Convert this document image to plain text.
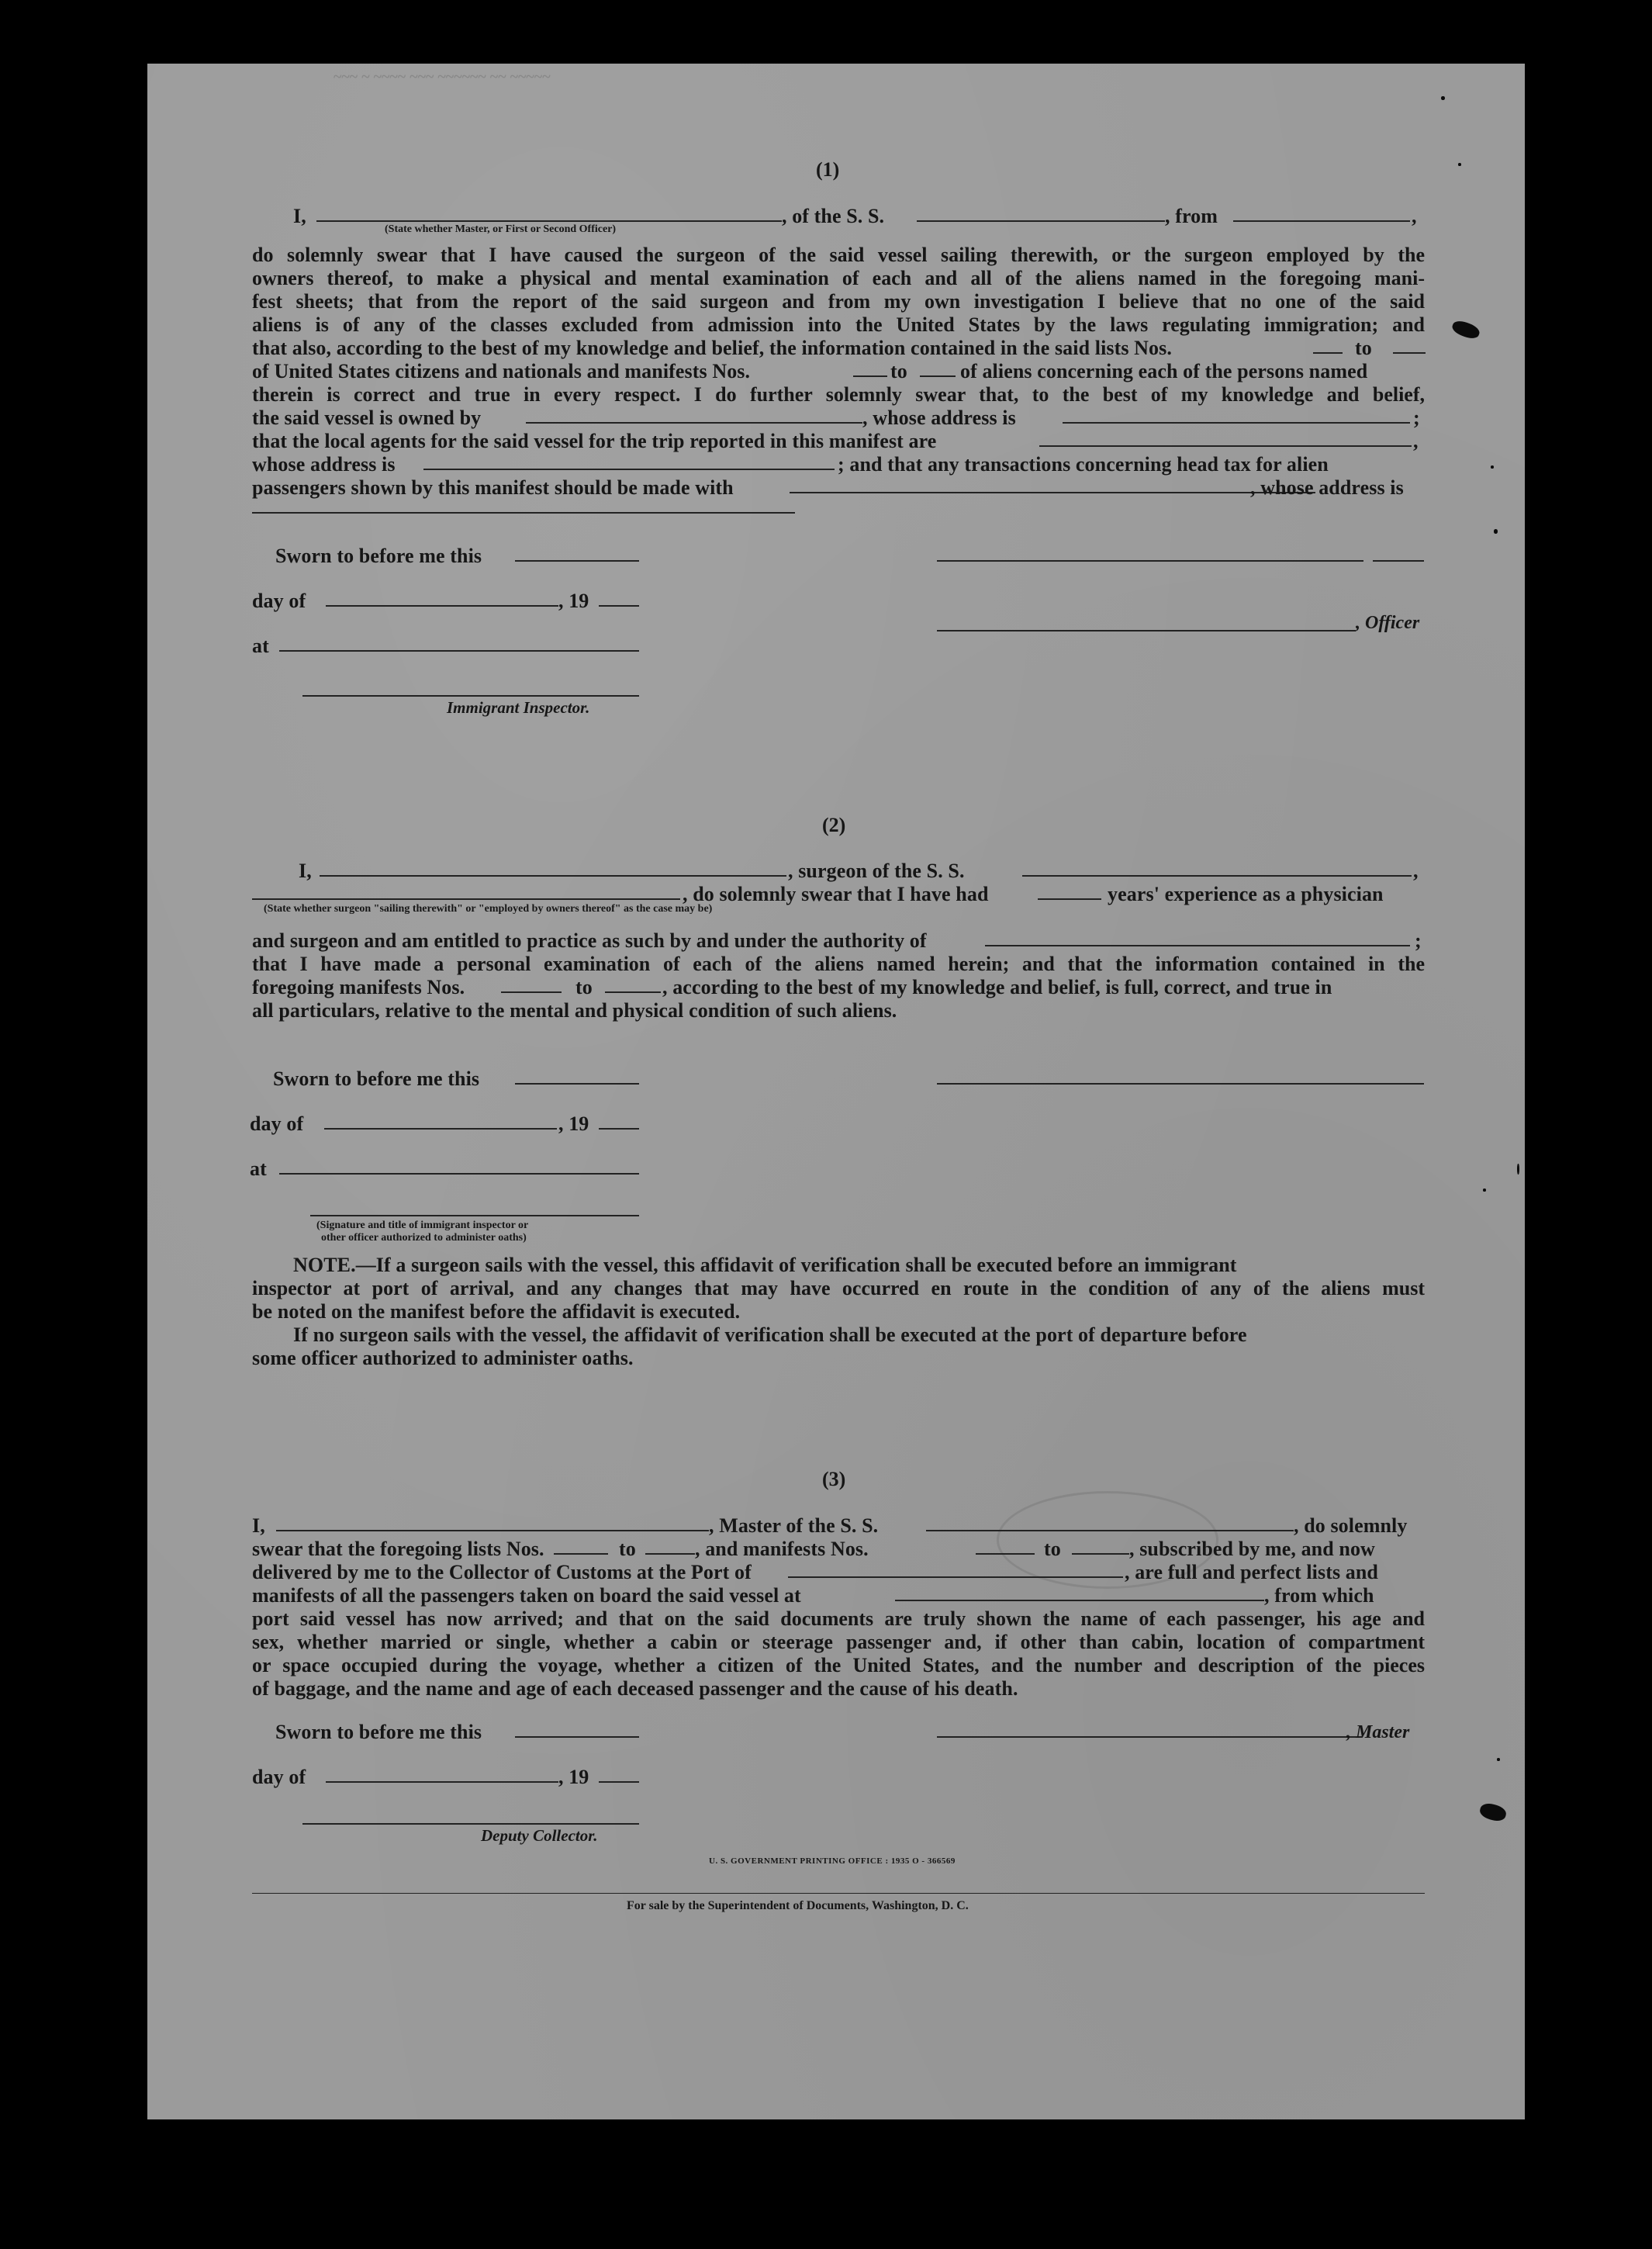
~~~ ~ ~~~~ ~~~ ~~~~~~ ~~ ~~~~~
(1)
I,
(State whether Master, or First or Second Officer)
, of the S. S.	, from	,
do solemnly swear that I have caused the surgeon of the said vessel sailing therewith, or the surgeon employed by the
owners thereof, to make a physical and mental examination of each and all of the aliens named in the foregoing mani-
fest sheets; that from the report of the said surgeon and from my own investigation I believe that no one of the said
aliens is of any of the classes excluded from admission into the United States by the laws regulating immigration; and
that also, according to the best of my knowledge and belief, the information contained in the said lists Nos.	to
of United States citizens and nationals and manifests Nos.	to	of aliens concerning each of the persons named
therein is correct and true in every respect. I do further solemnly swear that, to the best of my knowledge and belief,
the said vessel is owned by	, whose address is	;
that the local agents for the said vessel for the trip reported in this manifest are	,
whose address is	; and that any transactions concerning head tax for alien
passengers shown by this manifest should be made with	, whose address is
Sworn to before me this
day of	, 19
, Officer
at
Immigrant Inspector.
(2)
I,	, surgeon of the S. S.	,
, do solemnly swear that I have had	years' experience as a physician
(State whether surgeon "sailing therewith" or "employed by owners thereof" as the case may be)
and surgeon and am entitled to practice as such by and under the authority of	;
that I have made a personal examination of each of the aliens named herein; and that the information contained in the
foregoing manifests Nos.	to	, according to the best of my knowledge and belief, is full, correct, and true in
all particulars, relative to the mental and physical condition of such aliens.
Sworn to before me this
day of	, 19
at
(Signature and title of immigrant inspector or
other officer authorized to administer oaths)
NOTE.—If a surgeon sails with the vessel, this affidavit of verification shall be executed before an immigrant
inspector at port of arrival, and any changes that may have occurred en route in the condition of any of the aliens must
be noted on the manifest before the affidavit is executed.
If no surgeon sails with the vessel, the affidavit of verification shall be executed at the port of departure before
some officer authorized to administer oaths.
(3)
I,	, Master of the S. S.	, do solemnly
swear that the foregoing lists Nos.	to	, and manifests Nos.	to	, subscribed by me, and now
delivered by me to the Collector of Customs at the Port of	, are full and perfect lists and
manifests of all the passengers taken on board the said vessel at	, from which
port said vessel has now arrived; and that on the said documents are truly shown the name of each passenger, his age and
sex, whether married or single, whether a cabin or steerage passenger and, if other than cabin, location of compartment
or space occupied during the voyage, whether a citizen of the United States, and the number and description of the pieces
of baggage, and the name and age of each deceased passenger and the cause of his death.
Sworn to before me this	, Master
day of	, 19
Deputy Collector.
U. S. GOVERNMENT PRINTING OFFICE : 1935 O - 366569
For sale by the Superintendent of Documents, Washington, D. C.
